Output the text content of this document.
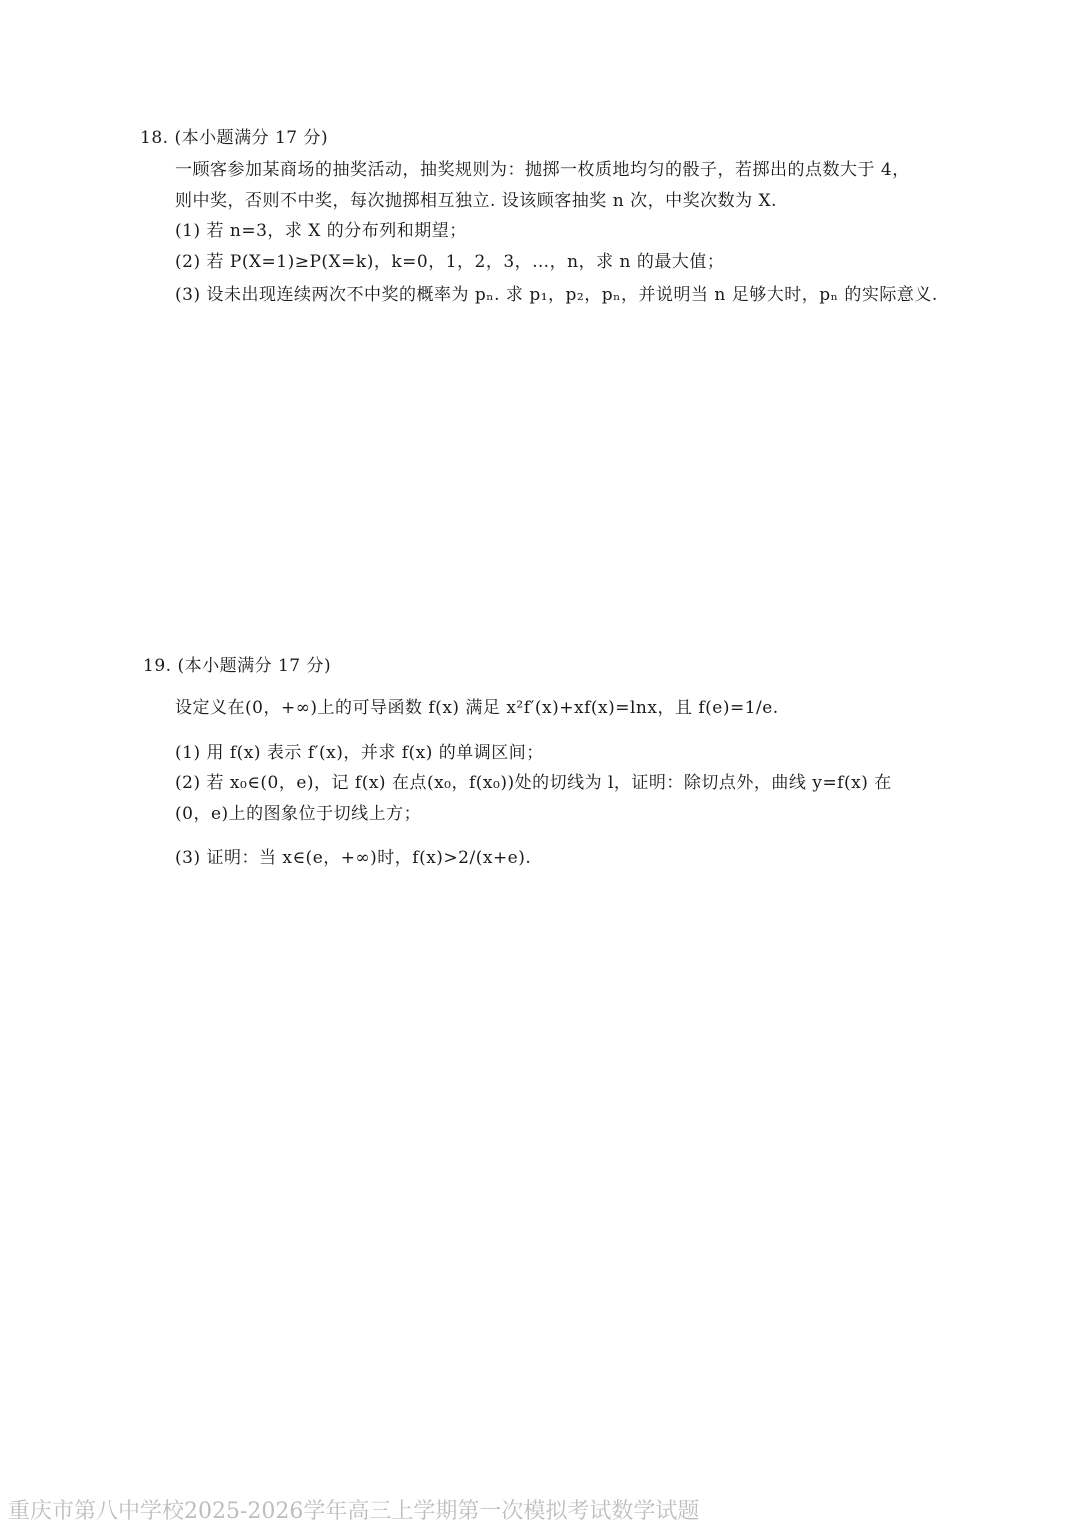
18. (本小题满分 17 分)
一顾客参加某商场的抽奖活动，抽奖规则为：抛掷一枚质地均匀的骰子，若掷出的点数大于 4，
则中奖，否则不中奖，每次抛掷相互独立. 设该顾客抽奖 n 次，中奖次数为 X.
(1) 若 n=3，求 X 的分布列和期望；
(2) 若 P(X=1)≥P(X=k)，k=0，1，2，3，…，n，求 n 的最大值；
(3) 设未出现连续两次不中奖的概率为 pₙ. 求 p₁，p₂，pₙ，并说明当 n 足够大时，pₙ 的实际意义.
19. (本小题满分 17 分)
设定义在(0，+∞)上的可导函数 f(x) 满足 x²f′(x)+xf(x)=lnx，且 f(e)=1/e.
(1) 用 f(x) 表示 f′(x)，并求 f(x) 的单调区间；
(2) 若 x₀∈(0，e)，记 f(x) 在点(x₀，f(x₀))处的切线为 l，证明：除切点外，曲线 y=f(x) 在
(0，e)上的图象位于切线上方；
(3) 证明：当 x∈(e，+∞)时，f(x)>2/(x+e).
重庆市第八中学校2025-2026学年高三上学期第一次模拟考试数学试题
